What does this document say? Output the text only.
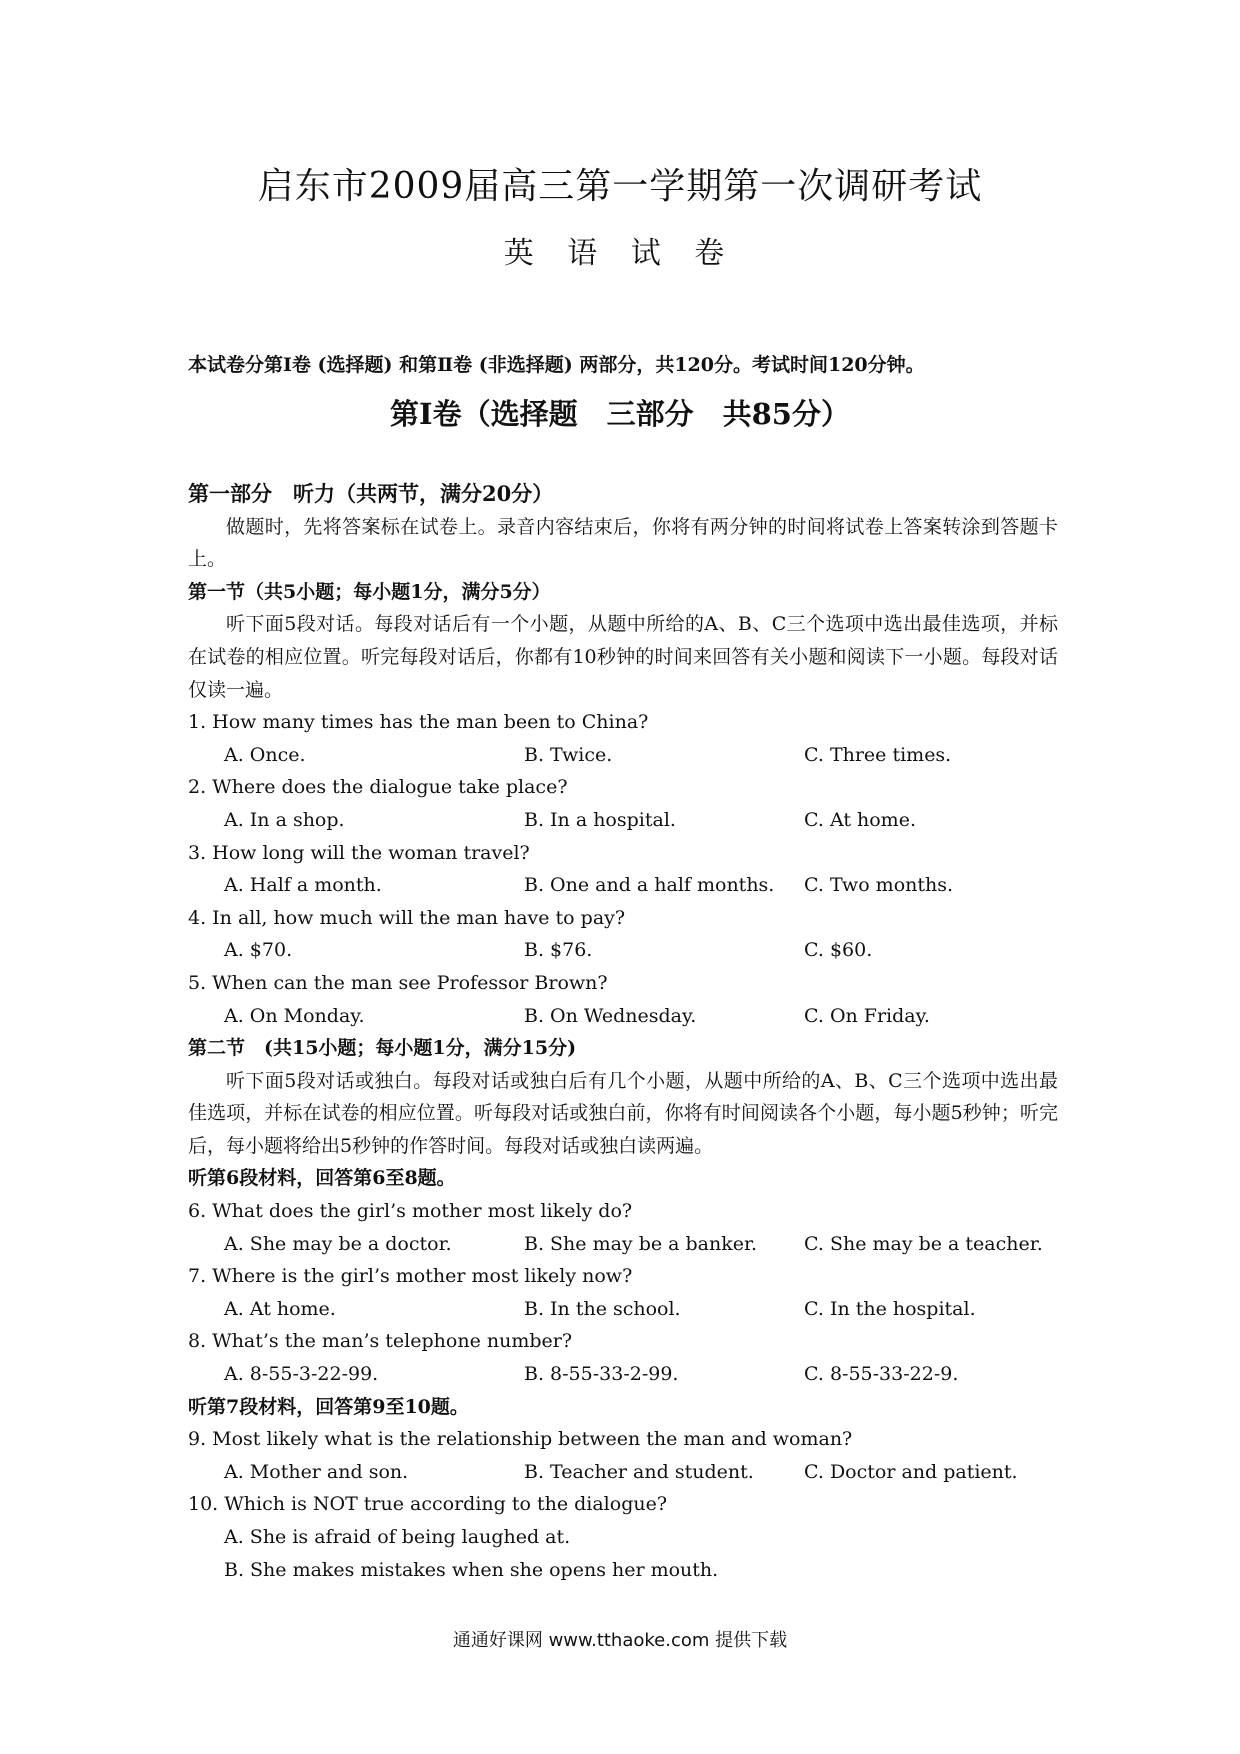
启东市2009届高三第一学期第一次调研考试
英 语 试 卷
本试卷分第Ⅰ卷 (选择题) 和第Ⅱ卷 (非选择题) 两部分，共120分。考试时间120分钟。
第Ⅰ卷（选择题　三部分　共85分）

第一部分　听力（共两节，满分20分）

做题时，先将答案标在试卷上。录音内容结束后，你将有两分钟的时间将试卷上答案转涂到答题卡上。

第一节（共5小题；每小题1分，满分5分）

听下面5段对话。每段对话后有一个小题，从题中所给的A、B、C三个选项中选出最佳选项，并标在试卷的相应位置。听完每段对话后，你都有10秒钟的时间来回答有关小题和阅读下一小题。每段对话仅读一遍。

1. How many times has the man been to China?

A. Once.	B. Twice.	C. Three times.

2. Where does the dialogue take place?

A. In a shop.	B. In a hospital.	C. At home.

3. How long will the woman travel?

A. Half a month.	B. One and a half months.	C. Two months.

4. In all, how much will the man have to pay?

A. $70.	B. $76.	C. $60.

5. When can the man see Professor Brown?

A. On Monday.	B. On Wednesday.	C. On Friday.

第二节　(共15小题；每小题1分，满分15分)

听下面5段对话或独白。每段对话或独白后有几个小题，从题中所给的A、B、C三个选项中选出最佳选项，并标在试卷的相应位置。听每段对话或独白前，你将有时间阅读各个小题，每小题5秒钟；听完后，每小题将给出5秒钟的作答时间。每段对话或独白读两遍。

听第6段材料，回答第6至8题。

6. What does the girl’s mother most likely do?

A. She may be a doctor.	B. She may be a banker.	C. She may be a teacher.

7. Where is the girl’s mother most likely now?

A. At home.	B. In the school.	C. In the hospital.

8. What’s the man’s telephone number?

A. 8-55-3-22-99.	B. 8-55-33-2-99.	C. 8-55-33-22-9.

听第7段材料，回答第9至10题。

9. Most likely what is the relationship between the man and woman?

A. Mother and son.	B. Teacher and student.	C. Doctor and patient.

10. Which is NOT true according to the dialogue?

A. She is afraid of being laughed at.

B. She makes mistakes when she opens her mouth.

通通好课网 www.tthaoke.com 提供下载
